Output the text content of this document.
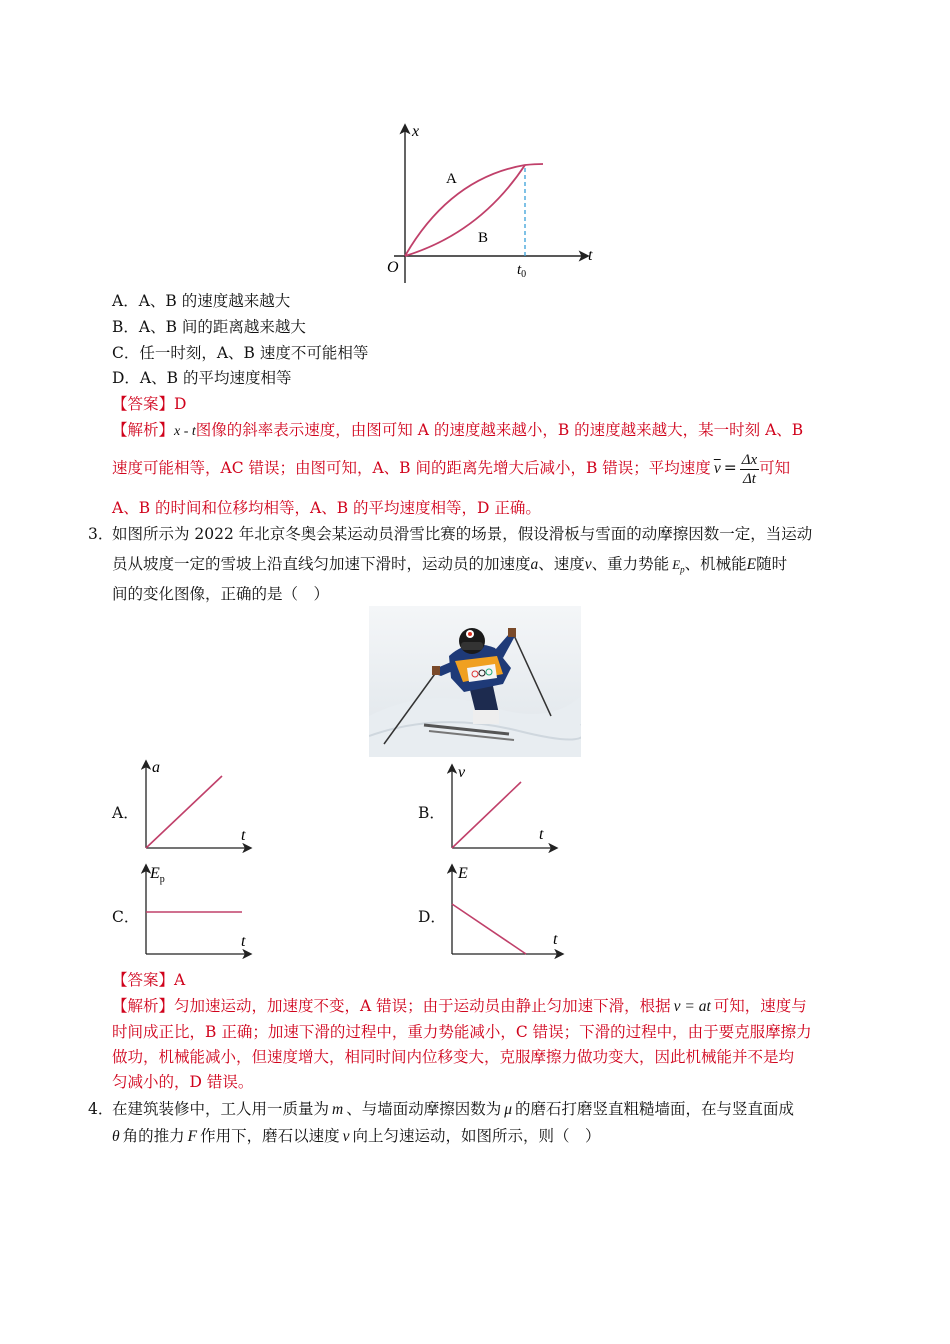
x
t
O
A
B
$t_0$
A．A、B 的速度越来越大
B．A、B 间的距离越来越大
C．任一时刻，A、B 速度不可能相等
D．A、B 的平均速度相等
【答案】D
【解析】x - t图像的斜率表示速度，由图可知 A 的速度越来越小，B 的速度越来越大，某一时刻 A、B
速度可能相等，AC 错误；由图可知，A、B 间的距离先增大后减小，B 错误；平均速度 $\overline{v} = \frac{\Delta x}{\Delta t}$ 可知
A、B 的时间和位移均相等，A、B 的平均速度相等，D 正确。
3．
如图所示为 2022 年北京冬奥会某运动员滑雪比赛的场景，假设滑板与雪面的动摩擦因数一定，当运动
员从坡度一定的雪坡上沿直线匀加速下滑时，运动员的加速度a、速度v、重力势能 $E_p$、机械能E随时
间的变化图像，正确的是（　）
A．	B．
C．	D．
a
t
v
t
$E_p$
t
E
t
【答案】A
【解析】匀加速运动，加速度不变，A 错误；由于运动员由静止匀加速下滑，根据 v = at 可知，速度与
时间成正比，B 正确；加速下滑的过程中，重力势能减小，C 错误；下滑的过程中，由于要克服摩擦力
做功，机械能减小，但速度增大，相同时间内位移变大，克服摩擦力做功变大，因此机械能并不是均
匀减小的，D 错误。
4．
在建筑装修中，工人用一质量为 m 、与墙面动摩擦因数为 μ 的磨石打磨竖直粗糙墙面，在与竖直面成
θ 角的推力 F 作用下，磨石以速度 v 向上匀速运动，如图所示，则（　）
